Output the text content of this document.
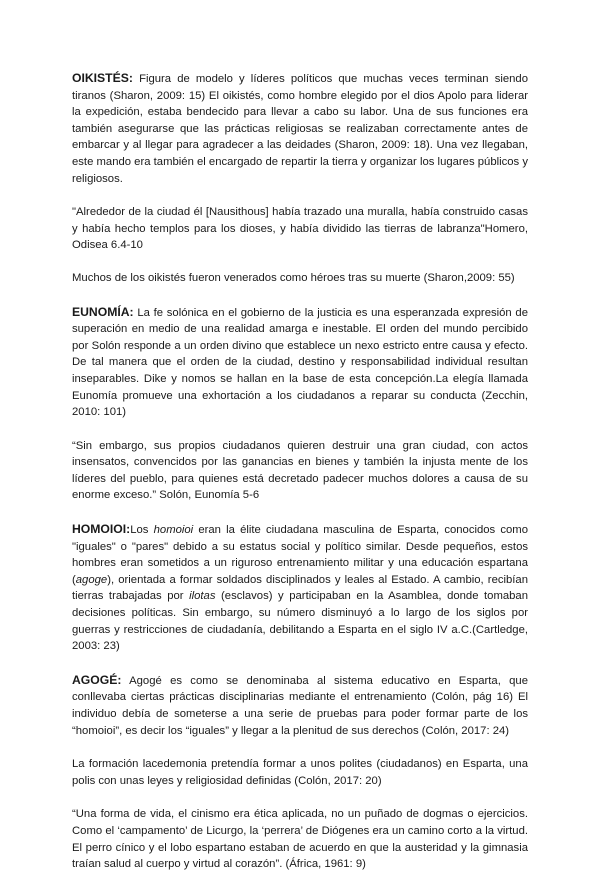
OIKISTÉS: Figura de modelo y líderes políticos que muchas veces terminan siendo tiranos (Sharon, 2009: 15) El oikistés, como hombre elegido por el dios Apolo para liderar la expedición, estaba bendecido para llevar a cabo su labor. Una de sus funciones era también asegurarse que las prácticas religiosas se realizaban correctamente antes de embarcar y al llegar para agradecer a las deidades (Sharon, 2009: 18). Una vez llegaban, este mando era también el encargado de repartir la tierra y organizar los lugares públicos y religiosos.

"Alrededor de la ciudad él [Nausithous] había trazado una muralla, había construido casas y había hecho templos para los dioses, y había dividido las tierras de labranza"Homero, Odisea 6.4-10

Muchos de los oikistés fueron venerados como héroes tras su muerte (Sharon,2009: 55)

EUNOMÍA: La fe solónica en el gobierno de la justicia es una esperanzada expresión de superación en medio de una realidad amarga e inestable. El orden del mundo percibido por Solón responde a un orden divino que establece un nexo estricto entre causa y efecto. De tal manera que el orden de la ciudad, destino y responsabilidad individual resultan inseparables. Dike y nomos se hallan en la base de esta concepción.La elegía llamada Eunomía promueve una exhortación a los ciudadanos a reparar su conducta (Zecchin, 2010: 101)

“Sin embargo, sus propios ciudadanos quieren destruir una gran ciudad, con actos insensatos, convencidos por las ganancias en bienes y también la injusta mente de los líderes del pueblo, para quienes está decretado padecer muchos dolores a causa de su enorme exceso.” Solón, Eunomía 5-6

HOMOIOI:Los homoioi eran la élite ciudadana masculina de Esparta, conocidos como "iguales" o "pares" debido a su estatus social y político similar. Desde pequeños, estos hombres eran sometidos a un riguroso entrenamiento militar y una educación espartana (agoge), orientada a formar soldados disciplinados y leales al Estado. A cambio, recibían tierras trabajadas por ilotas (esclavos) y participaban en la Asamblea, donde tomaban decisiones políticas. Sin embargo, su número disminuyó a lo largo de los siglos por guerras y restricciones de ciudadanía, debilitando a Esparta en el siglo IV a.C.(Cartledge, 2003: 23)

AGOGÉ: Agogé es como se denominaba al sistema educativo en Esparta, que conllevaba ciertas prácticas disciplinarias mediante el entrenamiento (Colón, pág 16) El individuo debía de someterse a una serie de pruebas para poder formar parte de los “homoioi”, es decir los “iguales” y llegar a la plenitud de sus derechos (Colón, 2017: 24)

La formación lacedemonia pretendía formar a unos polites (ciudadanos) en Esparta, una polis con unas leyes y religiosidad definidas (Colón, 2017: 20)

“Una forma de vida, el cinismo era ética aplicada, no un puñado de dogmas o ejercicios. Como el ‘campamento’ de Licurgo, la ‘perrera’ de Diógenes era un camino corto a la virtud. El perro cínico y el lobo espartano estaban de acuerdo en que la austeridad y la gimnasia traían salud al cuerpo y virtud al corazón”. (África, 1961: 9)
